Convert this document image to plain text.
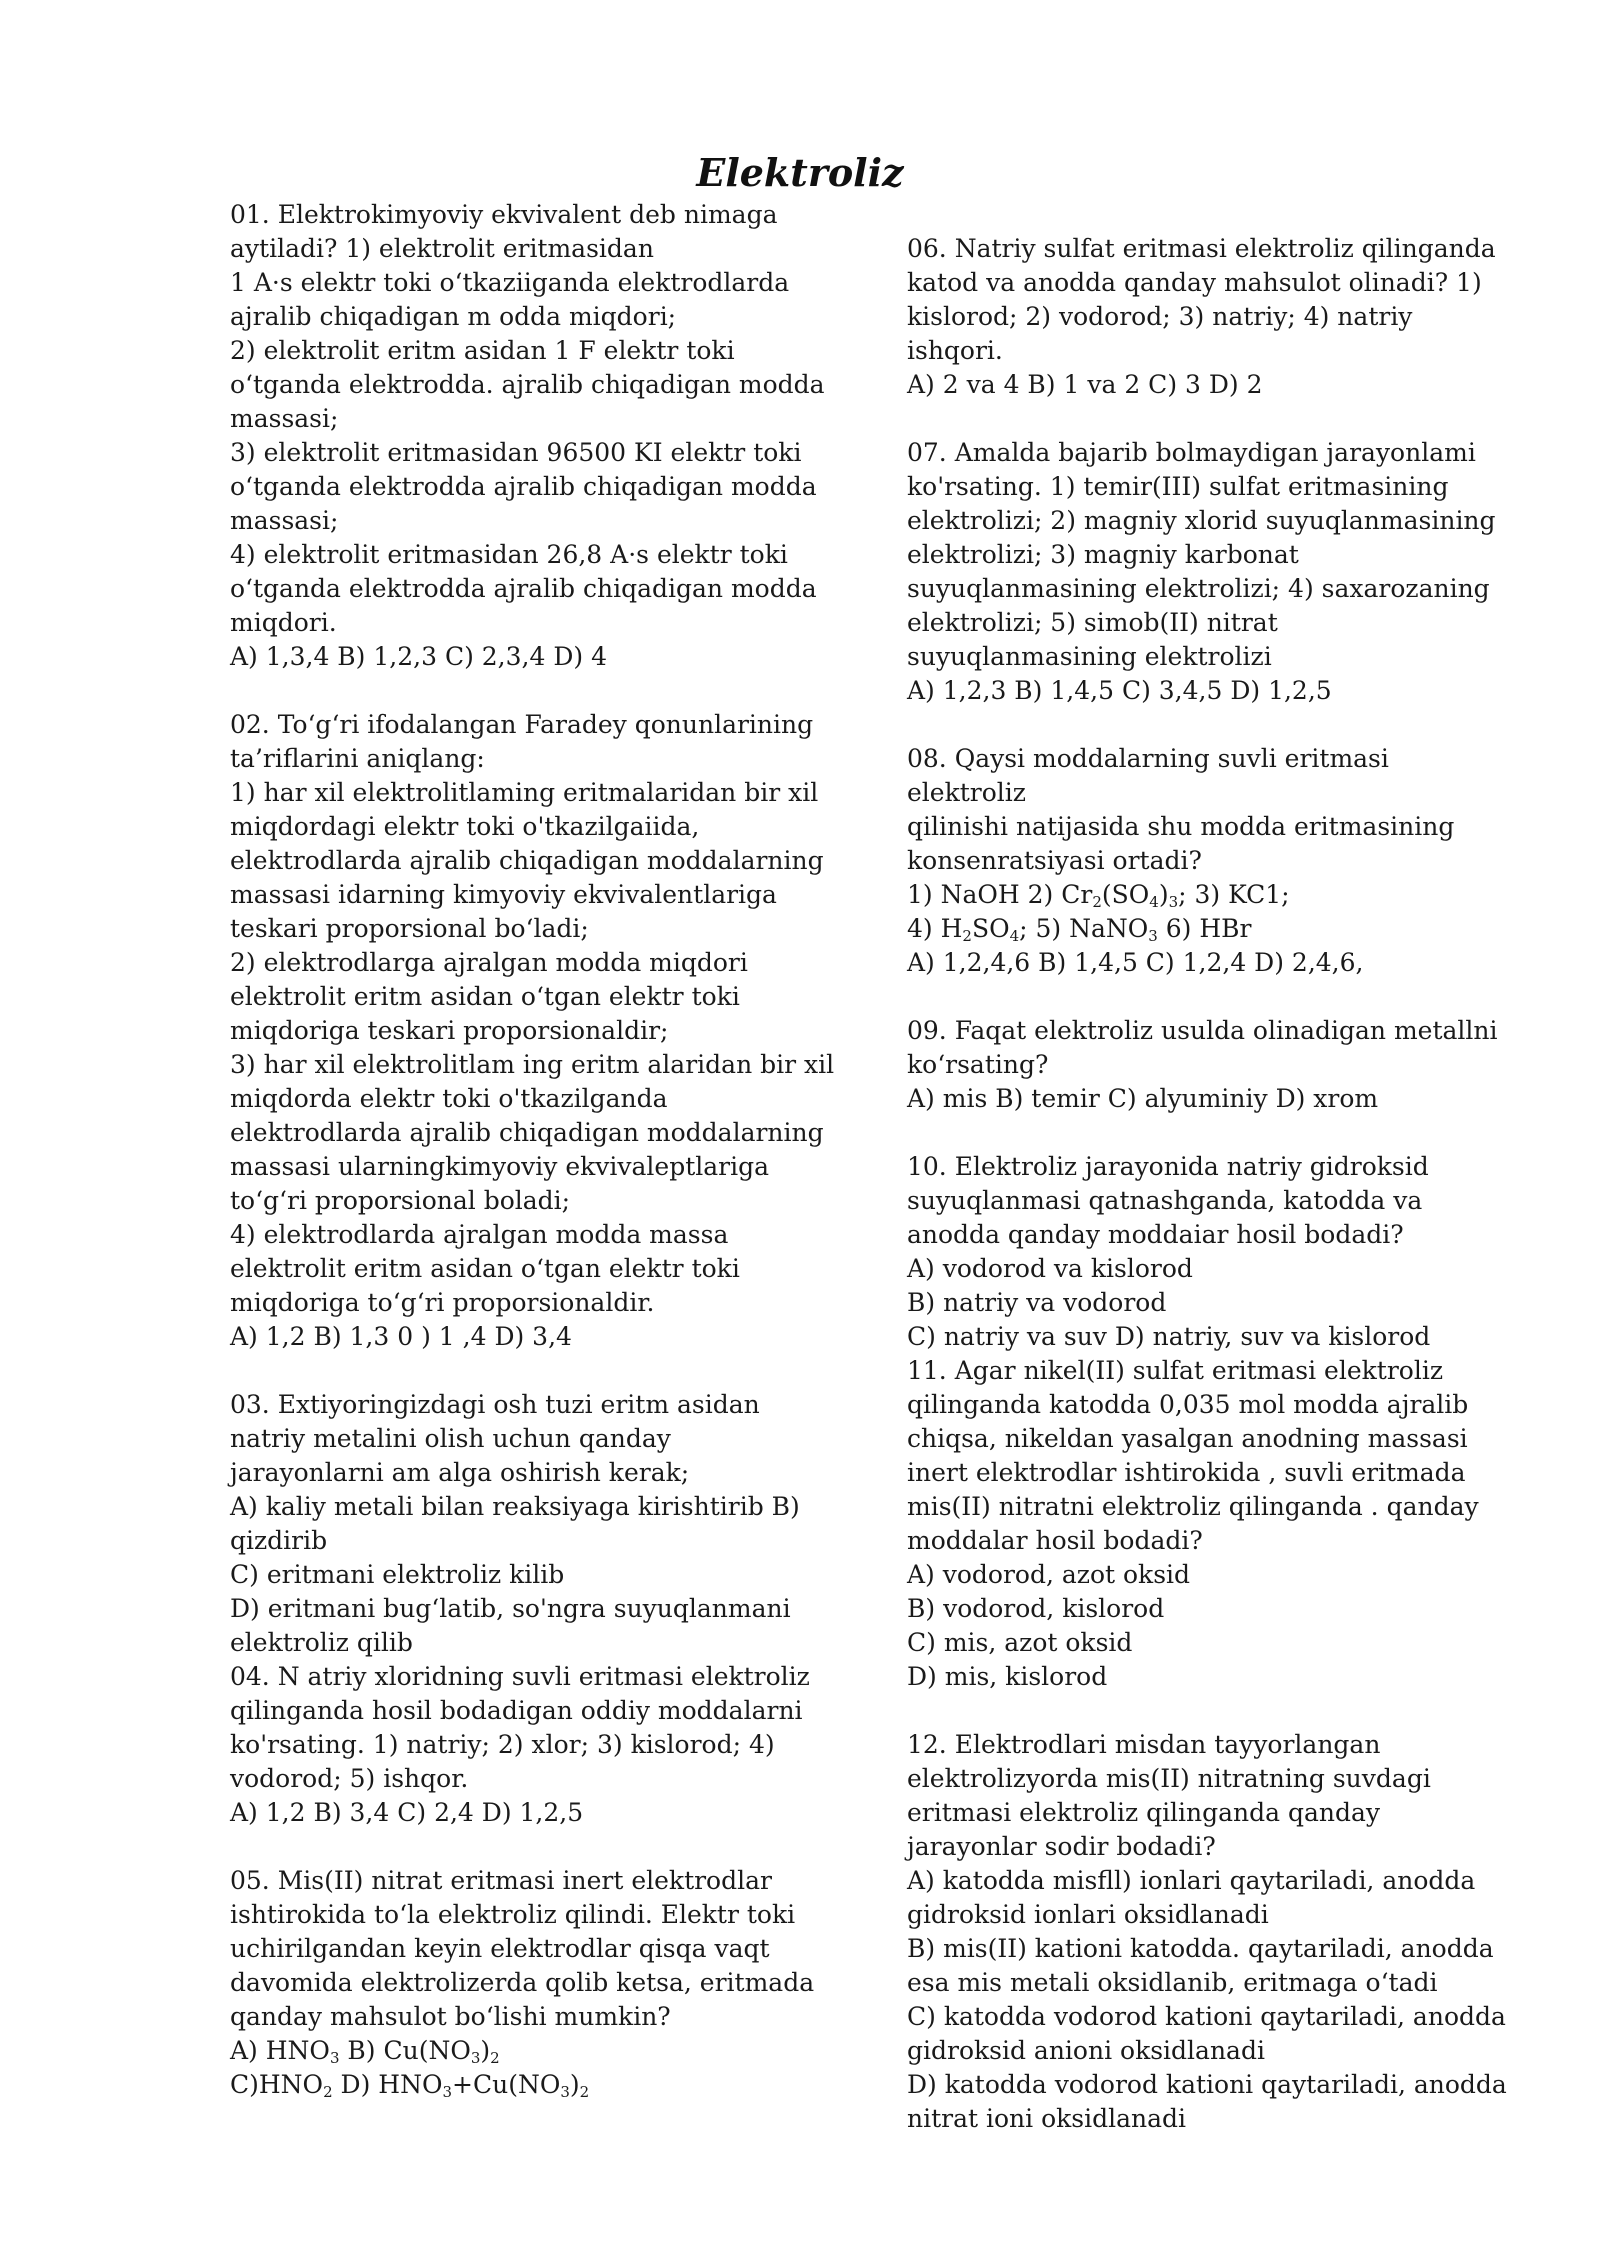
Elektroliz
01. Elektrokimyoviy ekvivalent deb nimaga
aytiladi? 1) elektrolit eritmasidan
1 A·s elektr toki o‘tkaziiganda elektrodlarda
ajralib chiqadigan m odda miqdori;
2) elektrolit eritm asidan 1 F elektr toki
o‘tganda elektrodda. ajralib chiqadigan modda
massasi;
3) elektrolit eritmasidan 96500 KI elektr toki
o‘tganda elektrodda ajralib chiqadigan modda
massasi;
4) elektrolit eritmasidan 26,8 A·s elektr toki
o‘tganda elektrodda ajralib chiqadigan modda
miqdori.
A) 1,3,4 B) 1,2,3 C) 2,3,4 D) 4
02. To‘g‘ri ifodalangan Faradey qonunlarining
ta’riflarini aniqlang:
1) har xil elektrolitlaming eritmalaridan bir xil
miqdordagi elektr toki o'tkazilgaiida,
elektrodlarda ajralib chiqadigan moddalarning
massasi idarning kimyoviy ekvivalentlariga
teskari proporsional bo‘ladi;
2) elektrodlarga ajralgan modda miqdori
elektrolit eritm asidan o‘tgan elektr toki
miqdoriga teskari proporsionaldir;
3) har xil elektrolitlam ing eritm alaridan bir xil
miqdorda elektr toki o'tkazilganda
elektrodlarda ajralib chiqadigan moddalarning
massasi ularningkimyoviy ekvivaleptlariga
to‘g‘ri proporsional boladi;
4) elektrodlarda ajralgan modda massa
elektrolit eritm asidan o‘tgan elektr toki
miqdoriga to‘g‘ri proporsionaldir.
A) 1,2 B) 1,3 0 ) 1 ,4 D) 3,4
03. Extiyoringizdagi osh tuzi eritm asidan
natriy metalini olish uchun qanday
jarayonlarni am alga oshirish kerak;
A) kaliy metali bilan reaksiyaga kirishtirib B)
qizdirib
C) eritmani elektroliz kilib
D) eritmani bug‘latib, so'ngra suyuqlanmani
elektroliz qilib
04. N atriy xloridning suvli eritmasi elektroliz
qilinganda hosil bodadigan oddiy moddalarni
ko'rsating. 1) natriy; 2) xlor; 3) kislorod; 4)
vodorod; 5) ishqor.
A) 1,2 B) 3,4 C) 2,4 D) 1,2,5
05. Mis(II) nitrat eritmasi inert elektrodlar
ishtirokida to‘la elektroliz qilindi. Elektr toki
uchirilgandan keyin elektrodlar qisqa vaqt
davomida elektrolizerda qolib ketsa, eritmada
qanday mahsulot bo‘lishi mumkin?
A) $HNO_3$ B) $Cu(NO_3)_2$
$C)HNO_2$ D) $HNO_3+Cu(NO_3)_2$
06. Natriy sulfat eritmasi elektroliz qilinganda
katod va anodda qanday mahsulot olinadi? 1)
kislorod; 2) vodorod; 3) natriy; 4) natriy
ishqori.
A) 2 va 4 B) 1 va 2 C) 3 D) 2
07. Amalda bajarib bolmaydigan jarayonlami
ko'rsating. 1) temir(III) sulfat eritmasining
elektrolizi; 2) magniy xlorid suyuqlanmasining
elektrolizi; 3) magniy karbonat
suyuqlanmasining elektrolizi; 4) saxarozaning
elektrolizi; 5) simob(II) nitrat
suyuqlanmasining elektrolizi
A) 1,2,3 B) 1,4,5 C) 3,4,5 D) 1,2,5
08. Qaysi moddalarning suvli eritmasi elektroliz
qilinishi natijasida shu modda eritmasining
konsenratsiyasi ortadi?
1) NaOH 2) $Cr_2(SO_4)_3$; 3) KC1;
4) $H_2SO_4$; 5) NaNO$_3$ 6) HBr
A) 1,2,4,6 B) 1,4,5 C) 1,2,4 D) 2,4,6,
09. Faqat elektroliz usulda olinadigan metallni
ko‘rsating?
A) mis B) temir C) alyuminiy D) xrom
10. Elektroliz jarayonida natriy gidroksid
suyuqlanmasi qatnashganda, katodda va
anodda qanday moddaiar hosil bodadi?
A) vodorod va kislorod
B) natriy va vodorod
C) natriy va suv D) natriy, suv va kislorod
11. Agar nikel(II) sulfat eritmasi elektroliz
qilinganda katodda 0,035 mol modda ajralib
chiqsa, nikeldan yasalgan anodning massasi
inert elektrodlar ishtirokida , suvli eritmada
mis(II) nitratni elektroliz qilinganda . qanday
moddalar hosil bodadi?
A) vodorod, azot oksid
B) vodorod, kislorod
C) mis, azot oksid
D) mis, kislorod
12. Elektrodlari misdan tayyorlangan
elektrolizyorda mis(II) nitratning suvdagi
eritmasi elektroliz qilinganda qanday
jarayonlar sodir bodadi?
A) katodda misfll) ionlari qaytariladi, anodda
gidroksid ionlari oksidlanadi
B) mis(II) kationi katodda. qaytariladi, anodda
esa mis metali oksidlanib, eritmaga o‘tadi
C) katodda vodorod kationi qaytariladi, anodda
gidroksid anioni oksidlanadi
D) katodda vodorod kationi qaytariladi, anodda
nitrat ioni oksidlanadi
